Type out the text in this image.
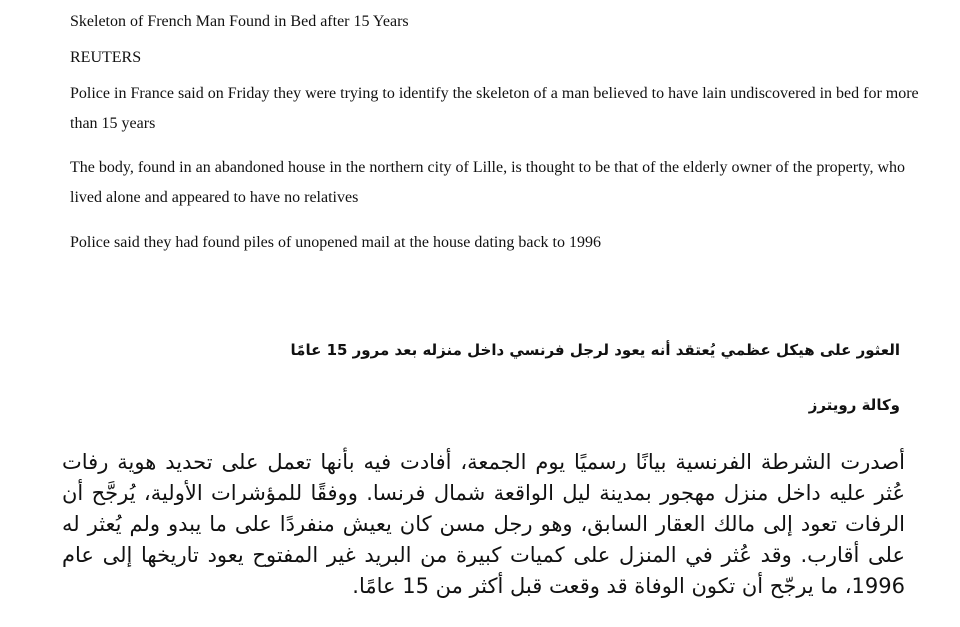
Skeleton of French Man Found in Bed after 15 Years
REUTERS
Police in France said on Friday they were trying to identify the skeleton of a man believed to have lain undiscovered in bed for more than 15 years
The body, found in an abandoned house in the northern city of Lille, is thought to be that of the elderly owner of the property, who lived alone and appeared to have no relatives
Police said they had found piles of unopened mail at the house dating back to 1996
العثور على هيكل عظمي يُعتقد أنه يعود لرجل فرنسي داخل منزله بعد مرور 15 عامًا
وكالة رويترز
أصدرت الشرطة الفرنسية بيانًا رسميًا يوم الجمعة، أفادت فيه بأنها تعمل على تحديد هوية رفات عُثر عليه داخل منزل مهجور بمدينة ليل الواقعة شمال فرنسا. ووفقًا للمؤشرات الأولية، يُرجَّح أن الرفات تعود إلى مالك العقار السابق، وهو رجل مسن كان يعيش منفردًا على ما يبدو ولم يُعثر له على أقارب. وقد عُثر في المنزل على كميات كبيرة من البريد غير المفتوح يعود تاريخها إلى عام 1996، ما يرجّح أن تكون الوفاة قد وقعت قبل أكثر من 15 عامًا.
